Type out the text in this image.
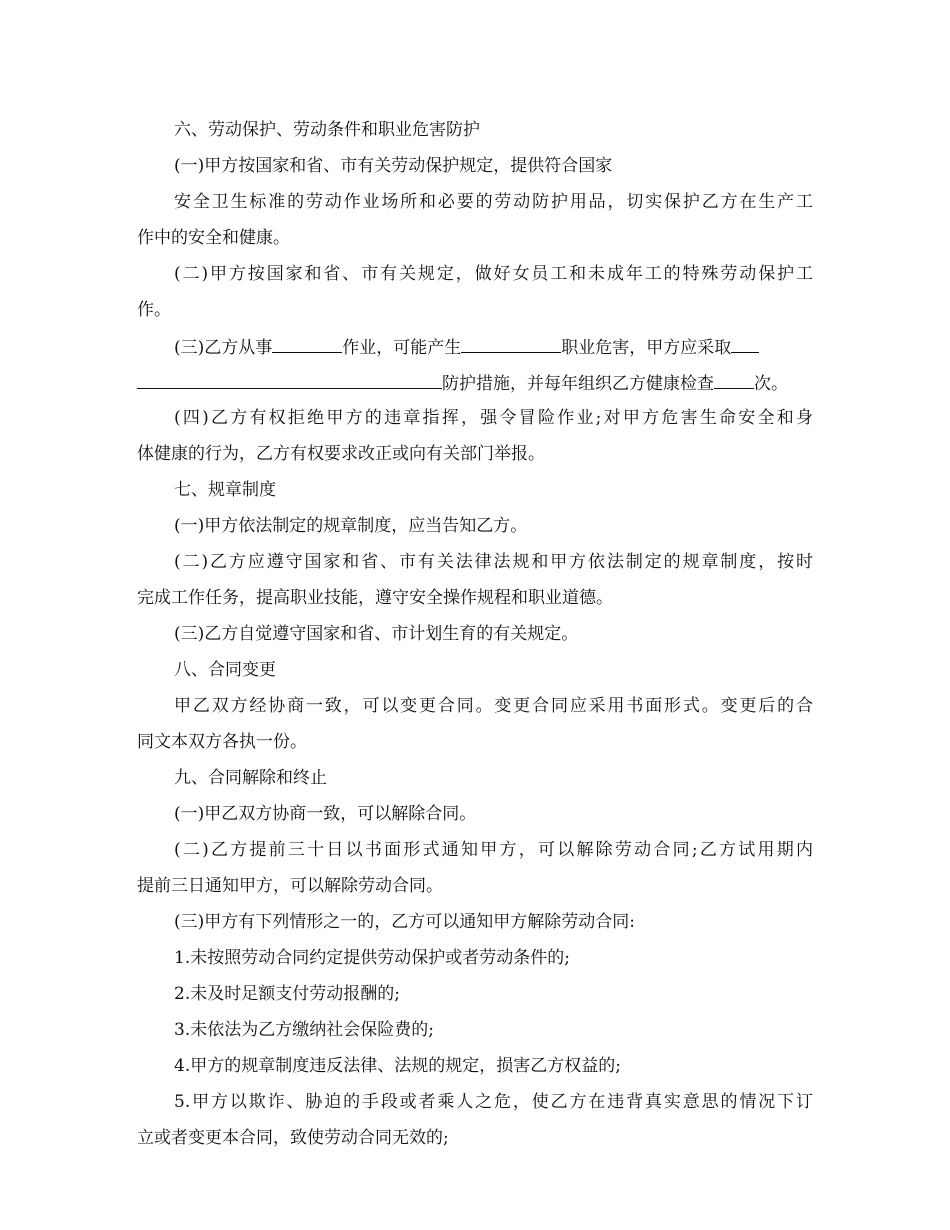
六、劳动保护、劳动条件和职业危害防护
(一)甲方按国家和省、市有关劳动保护规定，提供符合国家
安全卫生标准的劳动作业场所和必要的劳动防护用品，切实保护乙方在生产工
作中的安全和健康。
(二)甲方按国家和省、市有关规定，做好女员工和未成年工的特殊劳动保护工
作。
(三)乙方从事	作业，可能产生	职业危害，甲方应采取
防护措施，并每年组织乙方健康检查 次。
(四)乙方有权拒绝甲方的违章指挥，强令冒险作业;对甲方危害生命安全和身
体健康的行为，乙方有权要求改正或向有关部门举报。
七、规章制度
(一)甲方依法制定的规章制度，应当告知乙方。
(二)乙方应遵守国家和省、市有关法律法规和甲方依法制定的规章制度，按时
完成工作任务，提高职业技能，遵守安全操作规程和职业道德。
(三)乙方自觉遵守国家和省、市计划生育的有关规定。
八、合同变更
甲乙双方经协商一致，可以变更合同。变更合同应采用书面形式。变更后的合
同文本双方各执一份。
九、合同解除和终止
(一)甲乙双方协商一致，可以解除合同。
(二)乙方提前三十日以书面形式通知甲方，可以解除劳动合同;乙方试用期内
提前三日通知甲方，可以解除劳动合同。
(三)甲方有下列情形之一的，乙方可以通知甲方解除劳动合同:
1.未按照劳动合同约定提供劳动保护或者劳动条件的;
2.未及时足额支付劳动报酬的;
3.未依法为乙方缴纳社会保险费的;
4.甲方的规章制度违反法律、法规的规定，损害乙方权益的;
5.甲方以欺诈、胁迫的手段或者乘人之危，使乙方在违背真实意思的情况下订
立或者变更本合同，致使劳动合同无效的;
